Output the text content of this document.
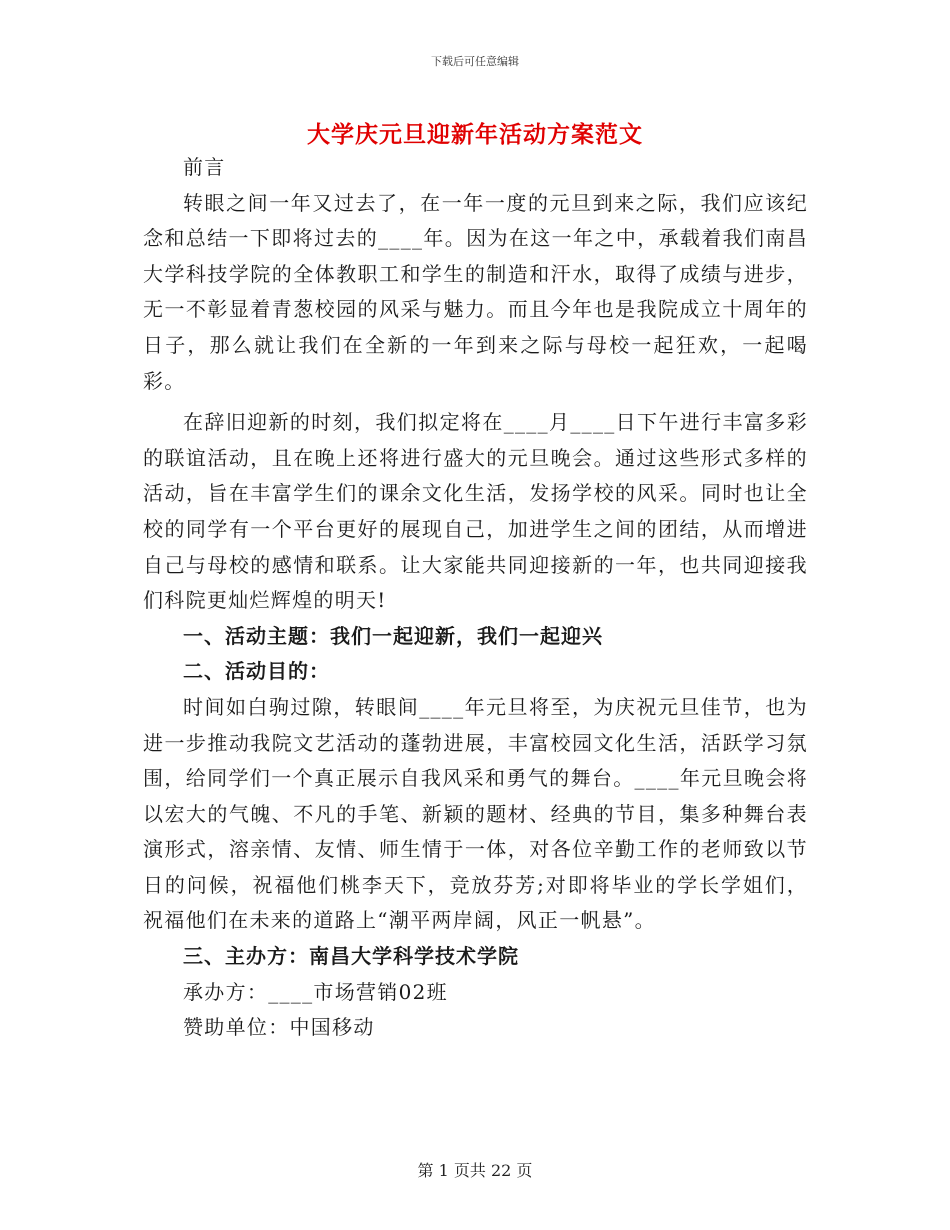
下载后可任意编辑
大学庆元旦迎新年活动方案范文

前言

转眼之间一年又过去了，在一年一度的元旦到来之际，我们应该纪念和总结一下即将过去的____年。因为在这一年之中，承载着我们南昌大学科技学院的全体教职工和学生的制造和汗水，取得了成绩与进步，无一不彰显着青葱校园的风采与魅力。而且今年也是我院成立十周年的日子，那么就让我们在全新的一年到来之际与母校一起狂欢，一起喝彩。

在辞旧迎新的时刻，我们拟定将在____月____日下午进行丰富多彩的联谊活动，且在晚上还将进行盛大的元旦晚会。通过这些形式多样的活动，旨在丰富学生们的课余文化生活，发扬学校的风采。同时也让全校的同学有一个平台更好的展现自己，加进学生之间的团结，从而增进自己与母校的感情和联系。让大家能共同迎接新的一年，也共同迎接我们科院更灿烂辉煌的明天!

一、活动主题：我们一起迎新，我们一起迎兴

二、活动目的：

时间如白驹过隙，转眼间____年元旦将至，为庆祝元旦佳节，也为进一步推动我院文艺活动的蓬勃进展，丰富校园文化生活，活跃学习氛围，给同学们一个真正展示自我风采和勇气的舞台。____年元旦晚会将以宏大的气魄、不凡的手笔、新颖的题材、经典的节目，集多种舞台表演形式，溶亲情、友情、师生情于一体，对各位辛勤工作的老师致以节日的问候，祝福他们桃李天下，竞放芬芳;对即将毕业的学长学姐们，祝福他们在未来的道路上“潮平两岸阔，风正一帆悬”。

三、主办方：南昌大学科学技术学院

承办方：____市场营销02班

赞助单位：中国移动

第 1 页共 22 页
